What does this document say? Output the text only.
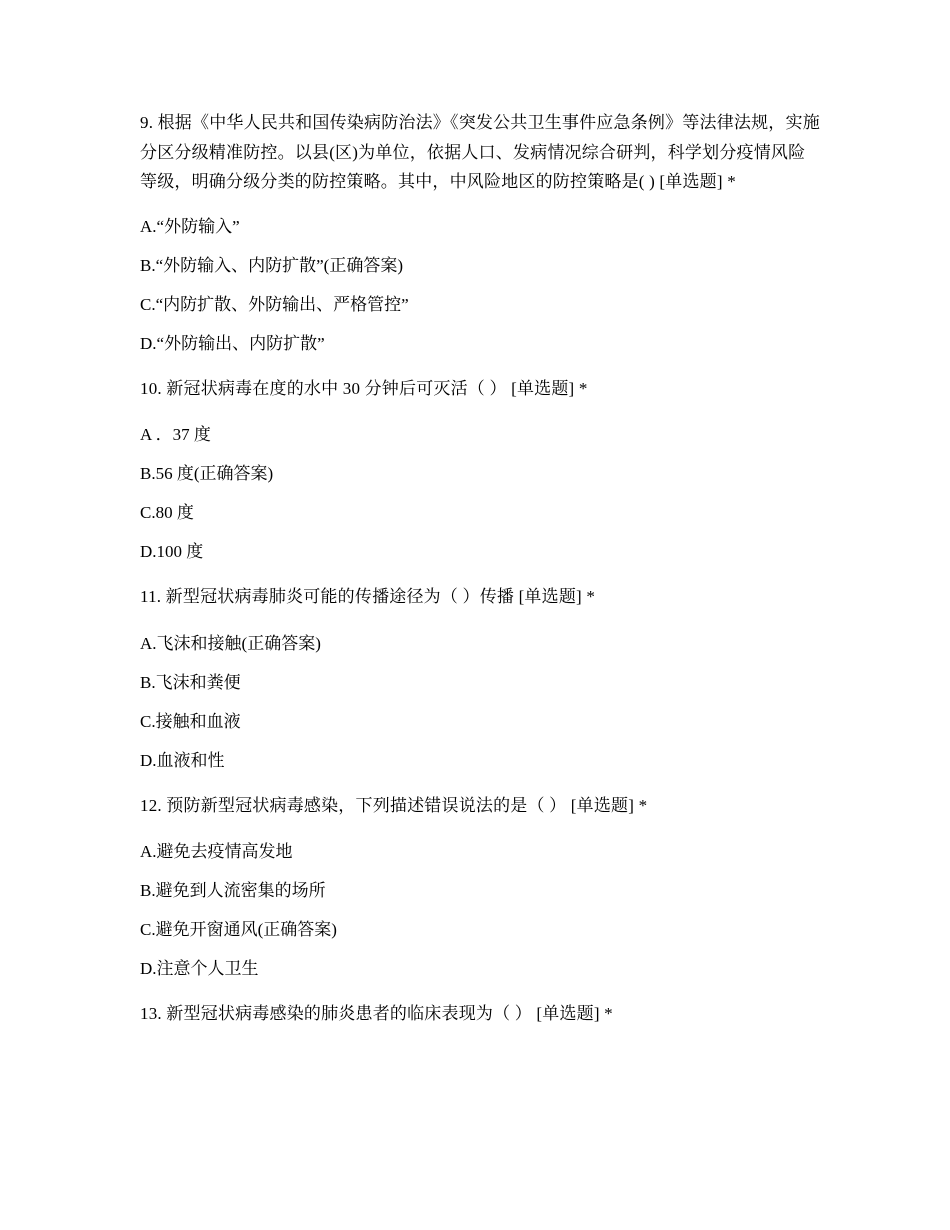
9. 根据《中华人民共和国传染病防治法》《突发公共卫生事件应急条例》等法律法规，实施分区分级精准防控。以县(区)为单位，依据人口、发病情况综合研判，科学划分疫情风险等级，明确分级分类的防控策略。其中，中风险地区的防控策略是( ) [单选题] *

A.“外防输入”

B.“外防输入、内防扩散”(正确答案)

C.“内防扩散、外防输出、严格管控”

D.“外防输出、内防扩散”

10. 新冠状病毒在度的水中 30 分钟后可灭活（ ） [单选题] *

A ．37 度

B.56 度(正确答案)

C.80 度

D.100 度

11. 新型冠状病毒肺炎可能的传播途径为（ ）传播 [单选题] *

A.飞沫和接触(正确答案)

B.飞沫和粪便

C.接触和血液

D.血液和性

12. 预防新型冠状病毒感染，下列描述错误说法的是（ ） [单选题] *

A.避免去疫情高发地

B.避免到人流密集的场所

C.避免开窗通风(正确答案)

D.注意个人卫生

13. 新型冠状病毒感染的肺炎患者的临床表现为（ ） [单选题] *
